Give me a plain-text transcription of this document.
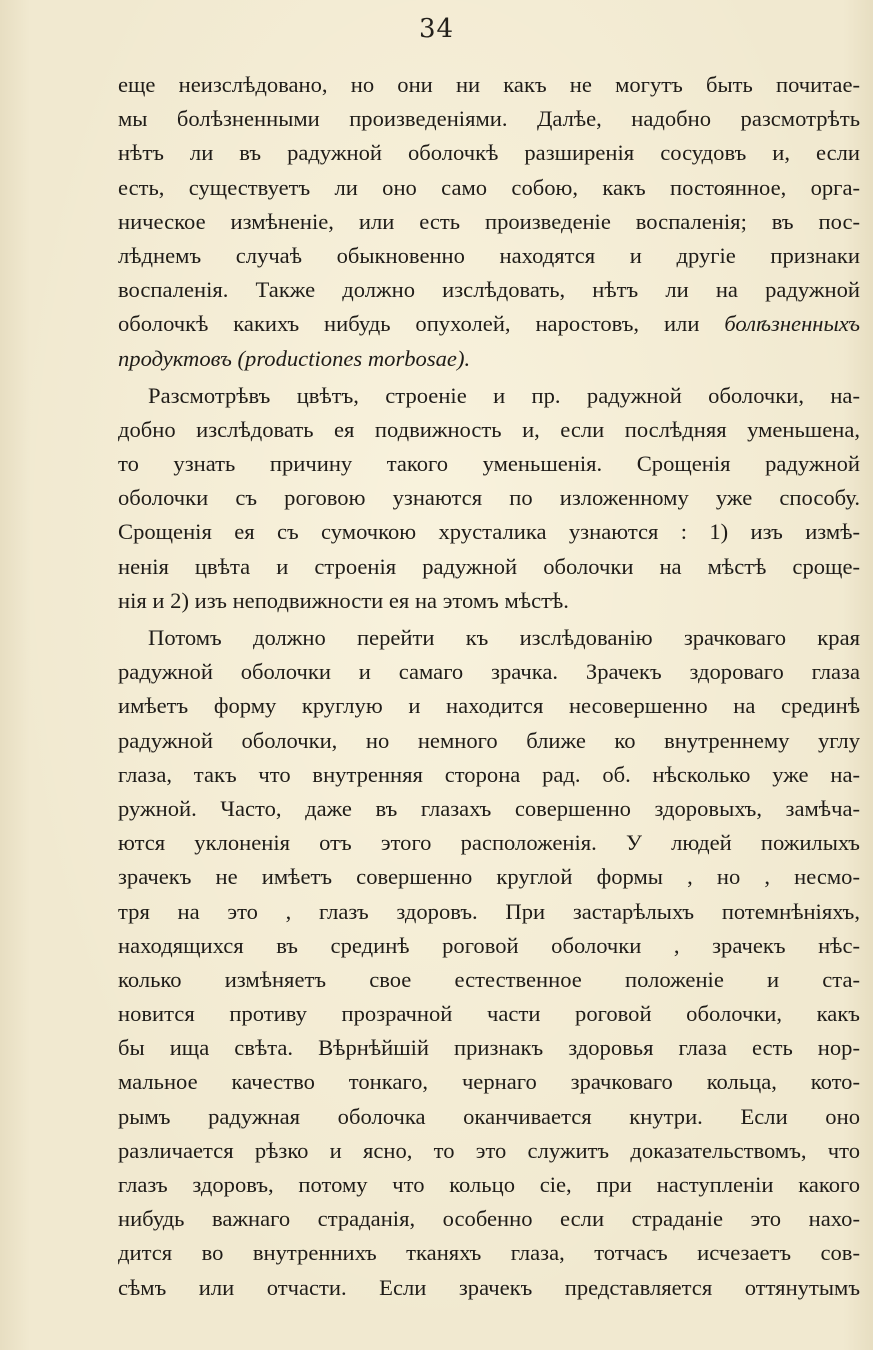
34
еще неизслѣдовано, но они ни какъ не могутъ быть почитае-
мы болѣзненными произведеніями. Далѣе, надобно разсмотрѣть
нѣтъ ли въ радужной оболочкѣ разширенія сосудовъ и, если
есть, существуетъ ли оно само собою, какъ постоянное, орга-
ническое измѣненіе, или есть произведеніе воспаленія; въ пос-
лѣднемъ случаѣ обыкновенно находятся и другіе признаки
воспаленія. Также должно изслѣдовать, нѣтъ ли на радужной
оболочкѣ какихъ нибудь опухолей, наростовъ, или болѣзненныхъ
продуктовъ (productiones morbosae).
Разсмотрѣвъ цвѣтъ, строеніе и пр. радужной оболочки, на-
добно изслѣдовать ея подвижность и, если послѣдняя уменьшена,
то узнать причину такого уменьшенія. Срощенія радужной
оболочки съ роговою узнаются по изложенному уже способу.
Срощенія ея съ сумочкою хрусталика узнаются : 1) изъ измѣ-
ненія цвѣта и строенія радужной оболочки на мѣстѣ сроще-
нія и 2) изъ неподвижности ея на этомъ мѣстѣ.
Потомъ должно перейти къ изслѣдованію зрачковаго края
радужной оболочки и самаго зрачка. Зрачекъ здороваго глаза
имѣетъ форму круглую и находится несовершенно на срединѣ
радужной оболочки, но немного ближе ко внутреннему углу
глаза, такъ что внутренняя сторона рад. об. нѣсколько уже на-
ружной. Часто, даже въ глазахъ совершенно здоровыхъ, замѣча-
ются уклоненія отъ этого расположенія. У людей пожилыхъ
зрачекъ не имѣетъ совершенно круглой формы , но , несмо-
тря на это , глазъ здоровъ. При застарѣлыхъ потемнѣніяхъ,
находящихся въ срединѣ роговой оболочки , зрачекъ нѣс-
колько измѣняетъ свое естественное положеніе и ста-
новится противу прозрачной части роговой оболочки, какъ
бы ища свѣта. Вѣрнѣйшій признакъ здоровья глаза есть нор-
мальное качество тонкаго, чернаго зрачковаго кольца, кото-
рымъ радужная оболочка оканчивается кнутри. Если оно
различается рѣзко и ясно, то это служитъ доказательствомъ, что
глазъ здоровъ, потому что кольцо сіе, при наступленіи какого
нибудь важнаго страданія, особенно если страданіе это нахо-
дится во внутреннихъ тканяхъ глаза, тотчасъ исчезаетъ сов-
сѣмъ или отчасти. Если зрачекъ представляется оттянутымъ
